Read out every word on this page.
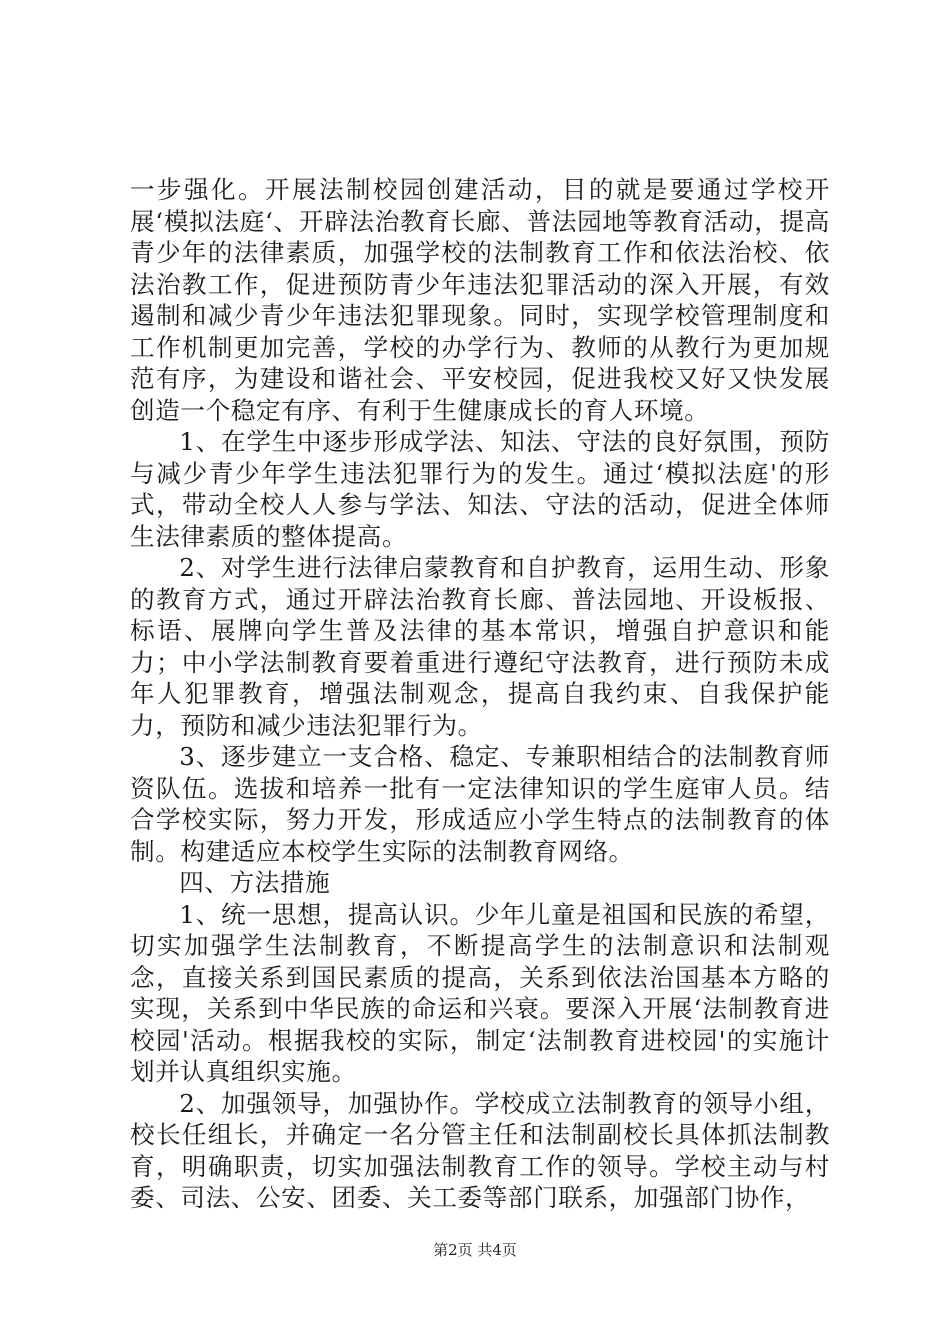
一步强化。开展法制校园创建活动，目的就是要通过学校开展‘模拟法庭‘、开辟法治教育长廊、普法园地等教育活动，提高青少年的法律素质，加强学校的法制教育工作和依法治校、依法治教工作，促进预防青少年违法犯罪活动的深入开展，有效遏制和减少青少年违法犯罪现象。同时，实现学校管理制度和工作机制更加完善，学校的办学行为、教师的从教行为更加规范有序，为建设和谐社会、平安校园，促进我校又好又快发展创造一个稳定有序、有利于生健康成长的育人环境。

1、在学生中逐步形成学法、知法、守法的良好氛围，预防与减少青少年学生违法犯罪行为的发生。通过‘模拟法庭'的形式，带动全校人人参与学法、知法、守法的活动，促进全体师生法律素质的整体提高。

2、对学生进行法律启蒙教育和自护教育，运用生动、形象的教育方式，通过开辟法治教育长廊、普法园地、开设板报、标语、展牌向学生普及法律的基本常识，增强自护意识和能力；中小学法制教育要着重进行遵纪守法教育，进行预防未成年人犯罪教育，增强法制观念，提高自我约束、自我保护能力，预防和减少违法犯罪行为。

3、逐步建立一支合格、稳定、专兼职相结合的法制教育师资队伍。选拔和培养一批有一定法律知识的学生庭审人员。结合学校实际，努力开发，形成适应小学生特点的法制教育的体制。构建适应本校学生实际的法制教育网络。

四、方法措施

1、统一思想，提高认识。少年儿童是祖国和民族的希望，切实加强学生法制教育，不断提高学生的法制意识和法制观念，直接关系到国民素质的提高，关系到依法治国基本方略的实现，关系到中华民族的命运和兴衰。要深入开展‘法制教育进校园'活动。根据我校的实际，制定‘法制教育进校园'的实施计划并认真组织实施。

2、加强领导，加强协作。学校成立法制教育的领导小组，校长任组长，并确定一名分管主任和法制副校长具体抓法制教育，明确职责，切实加强法制教育工作的领导。学校主动与村委、司法、公安、团委、关工委等部门联系，加强部门协作，

第2页 共4页
